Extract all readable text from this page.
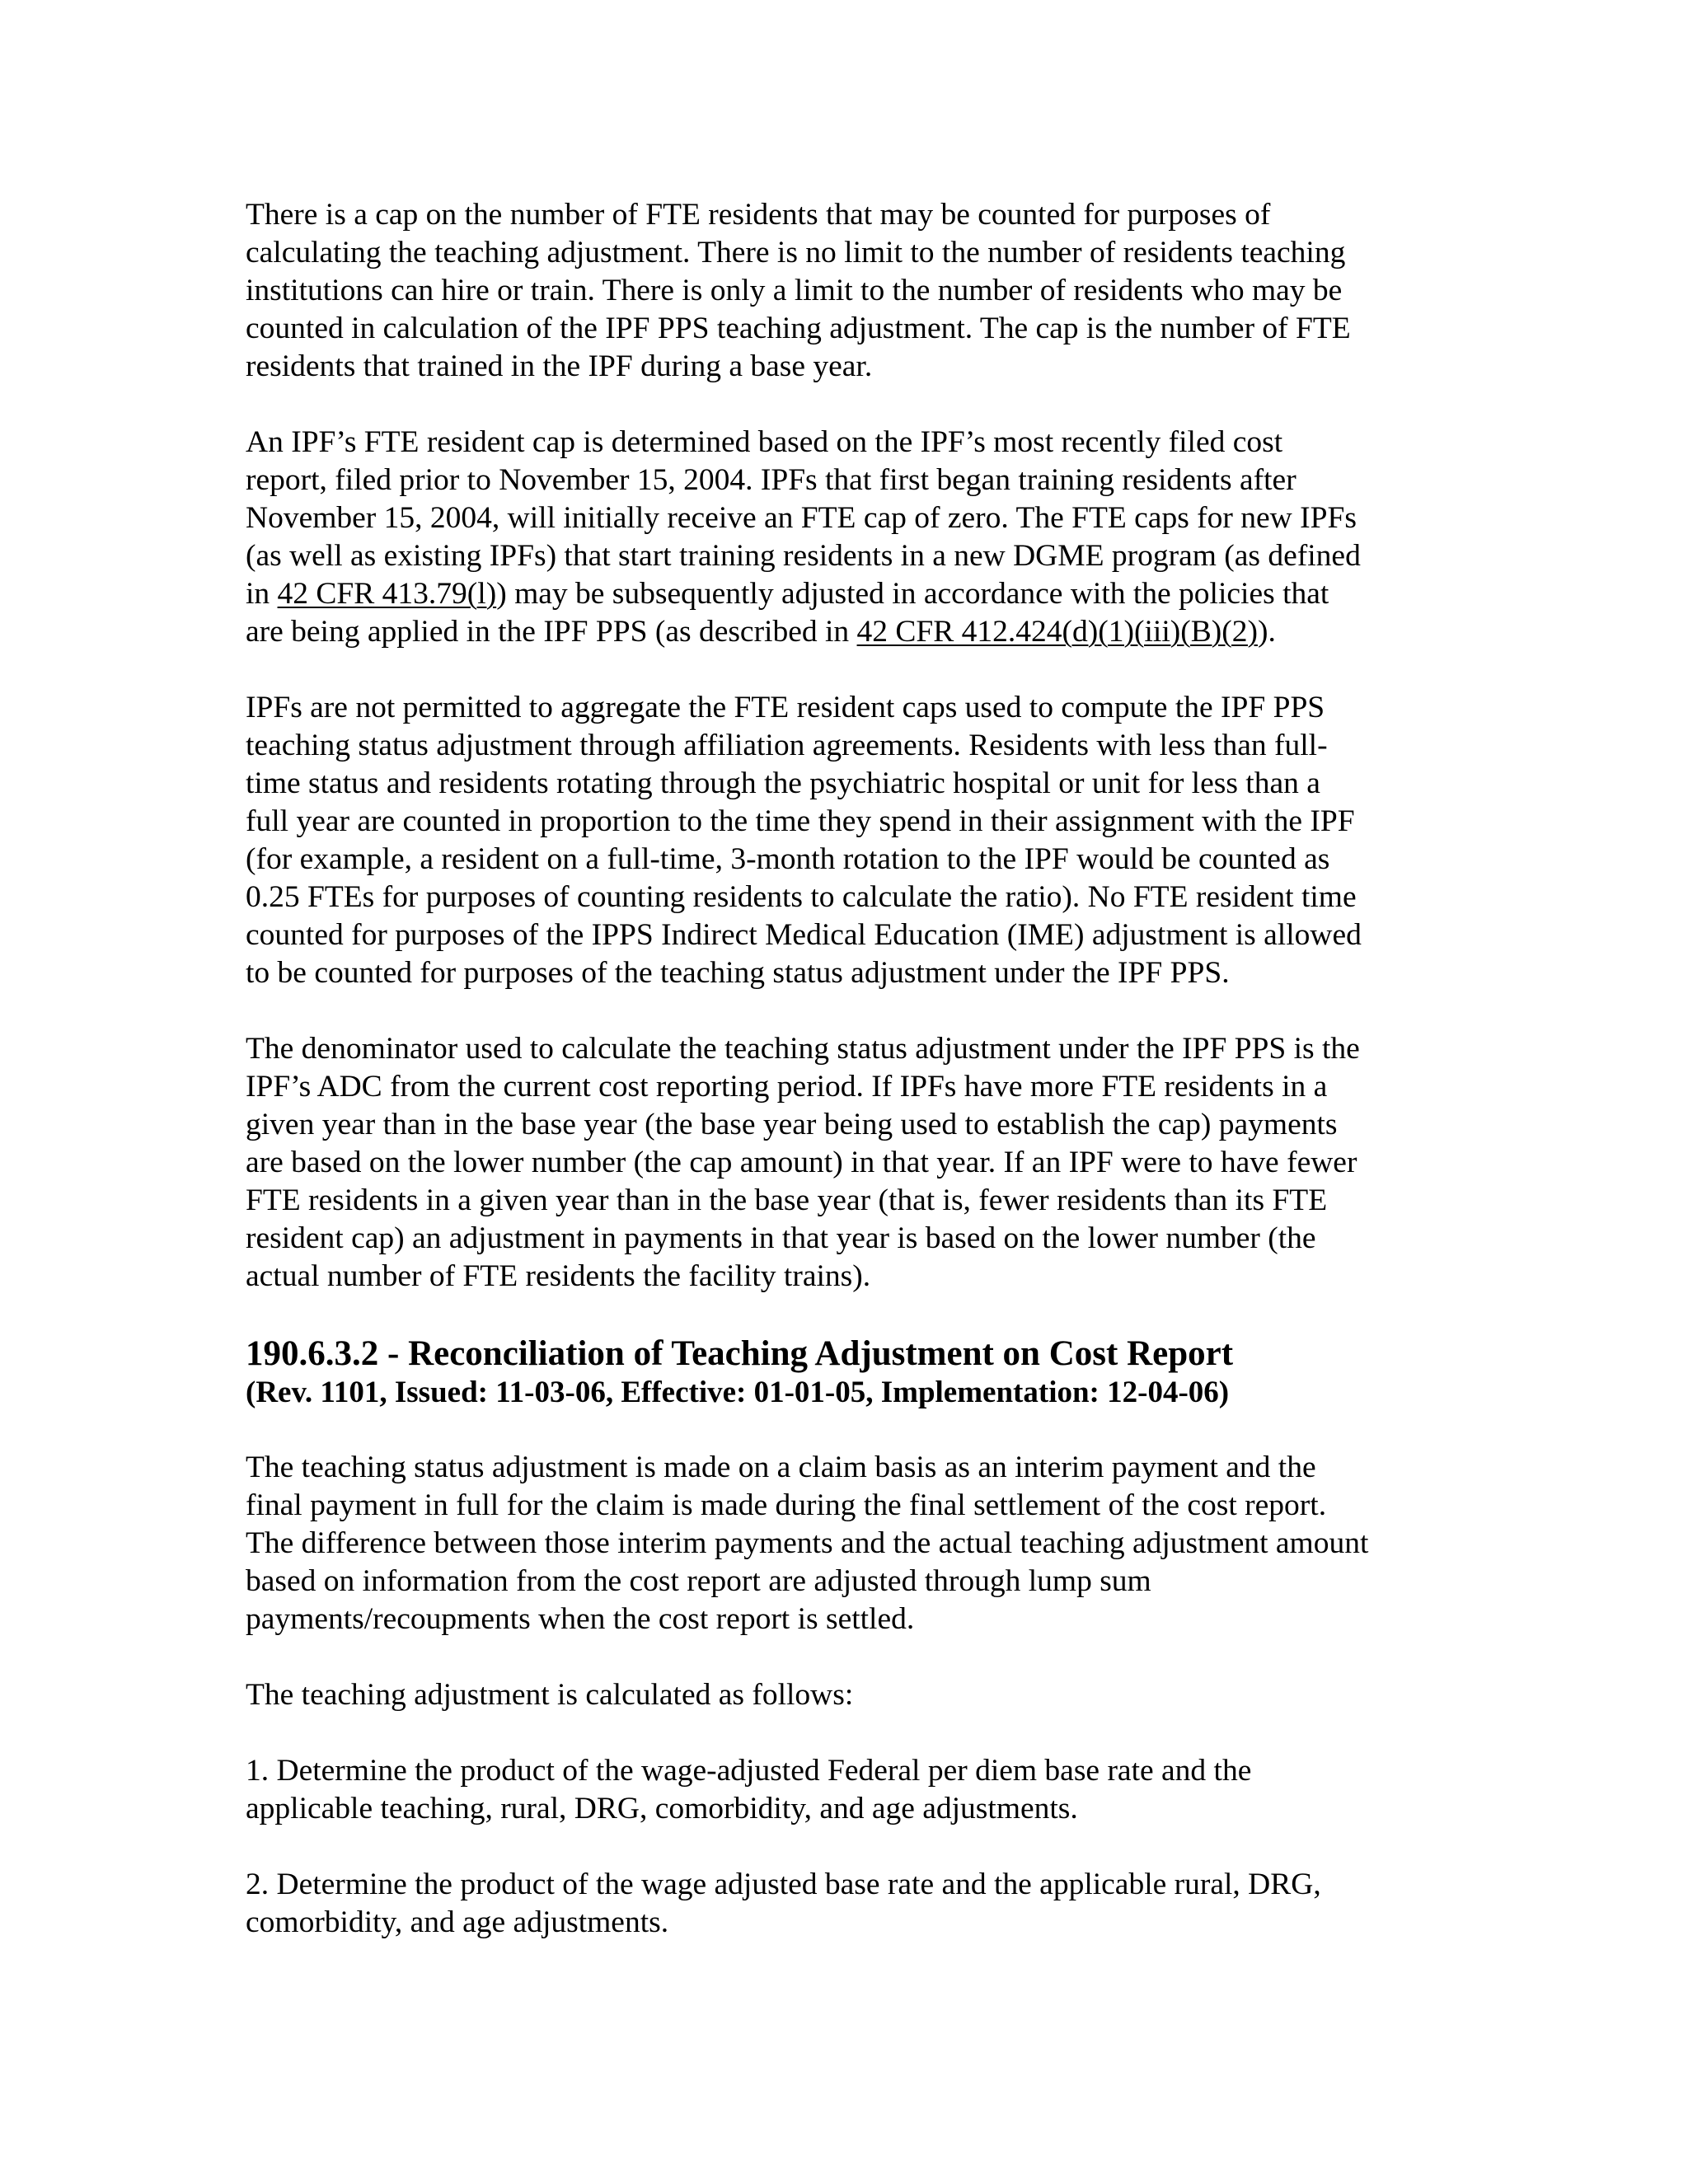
There is a cap on the number of FTE residents that may be counted for purposes of
calculating the teaching adjustment. There is no limit to the number of residents teaching
institutions can hire or train. There is only a limit to the number of residents who may be
counted in calculation of the IPF PPS teaching adjustment. The cap is the number of FTE
residents that trained in the IPF during a base year.

An IPF’s FTE resident cap is determined based on the IPF’s most recently filed cost
report, filed prior to November 15, 2004. IPFs that first began training residents after
November 15, 2004, will initially receive an FTE cap of zero. The FTE caps for new IPFs
(as well as existing IPFs) that start training residents in a new DGME program (as defined
in 42 CFR 413.79(l)) may be subsequently adjusted in accordance with the policies that
are being applied in the IPF PPS (as described in 42 CFR 412.424(d)(1)(iii)(B)(2)).

IPFs are not permitted to aggregate the FTE resident caps used to compute the IPF PPS
teaching status adjustment through affiliation agreements. Residents with less than full-
time status and residents rotating through the psychiatric hospital or unit for less than a
full year are counted in proportion to the time they spend in their assignment with the IPF
(for example, a resident on a full-time, 3-month rotation to the IPF would be counted as
0.25 FTEs for purposes of counting residents to calculate the ratio). No FTE resident time
counted for purposes of the IPPS Indirect Medical Education (IME) adjustment is allowed
to be counted for purposes of the teaching status adjustment under the IPF PPS.

The denominator used to calculate the teaching status adjustment under the IPF PPS is the
IPF’s ADC from the current cost reporting period. If IPFs have more FTE residents in a
given year than in the base year (the base year being used to establish the cap) payments
are based on the lower number (the cap amount) in that year. If an IPF were to have fewer
FTE residents in a given year than in the base year (that is, fewer residents than its FTE
resident cap) an adjustment in payments in that year is based on the lower number (the
actual number of FTE residents the facility trains).

190.6.3.2 - Reconciliation of Teaching Adjustment on Cost Report

(Rev. 1101, Issued: 11-03-06, Effective: 01-01-05, Implementation: 12-04-06)

The teaching status adjustment is made on a claim basis as an interim payment and the
final payment in full for the claim is made during the final settlement of the cost report.
The difference between those interim payments and the actual teaching adjustment amount
based on information from the cost report are adjusted through lump sum
payments/recoupments when the cost report is settled.

The teaching adjustment is calculated as follows:

1. Determine the product of the wage-adjusted Federal per diem base rate and the
applicable teaching, rural, DRG, comorbidity, and age adjustments.

2. Determine the product of the wage adjusted base rate and the applicable rural, DRG,
comorbidity, and age adjustments.
